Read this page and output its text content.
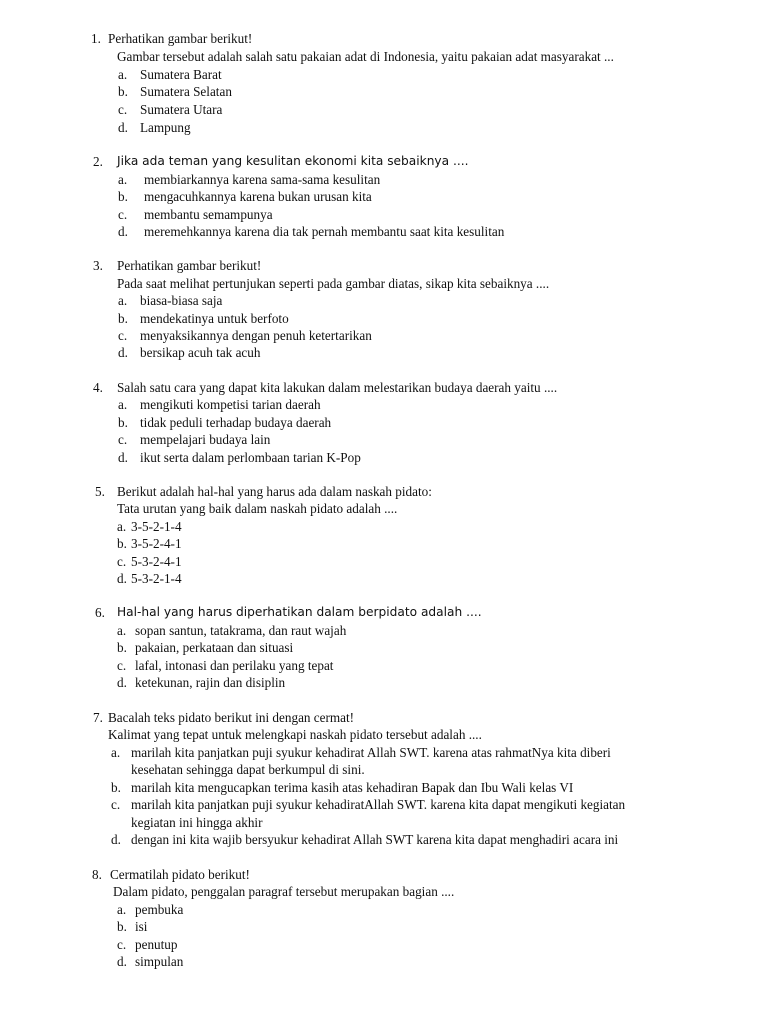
1. Perhatikan gambar berikut!
Gambar tersebut adalah salah satu pakaian adat di Indonesia, yaitu pakaian adat masyarakat ...
a. Sumatera Barat
b. Sumatera Selatan
c. Sumatera Utara
d. Lampung
2. Jika ada teman yang kesulitan ekonomi kita sebaiknya ....
a. membiarkannya karena sama-sama kesulitan
b. mengacuhkannya karena bukan urusan kita
c. membantu semampunya
d. meremehkannya karena dia tak pernah membantu saat kita kesulitan
3. Perhatikan gambar berikut!
Pada saat melihat pertunjukan seperti pada gambar diatas, sikap kita sebaiknya ....
a. biasa-biasa saja
b. mendekatinya untuk berfoto
c. menyaksikannya dengan penuh ketertarikan
d. bersikap acuh tak acuh
4. Salah satu cara yang dapat kita lakukan dalam melestarikan budaya daerah yaitu ....
a. mengikuti kompetisi tarian daerah
b. tidak peduli terhadap budaya daerah
c. mempelajari budaya lain
d. ikut serta dalam perlombaan tarian K-Pop
5. Berikut adalah hal-hal yang harus ada dalam naskah pidato:
Tata urutan yang baik dalam naskah pidato adalah ....
a. 3-5-2-1-4
b. 3-5-2-4-1
c. 5-3-2-4-1
d. 5-3-2-1-4
6. Hal-hal yang harus diperhatikan dalam berpidato adalah ....
a. sopan santun, tatakrama, dan raut wajah
b. pakaian, perkataan dan situasi
c. lafal, intonasi dan perilaku yang tepat
d. ketekunan, rajin dan disiplin
7. Bacalah teks pidato berikut ini dengan cermat!
Kalimat yang tepat untuk melengkapi naskah pidato tersebut adalah ....
a. marilah kita panjatkan puji syukur kehadirat Allah SWT. karena atas rahmatNya kita diberi
kesehatan sehingga dapat berkumpul di sini.
b. marilah kita mengucapkan terima kasih atas kehadiran Bapak dan Ibu Wali kelas VI
c. marilah kita panjatkan puji syukur kehadiratAllah SWT. karena kita dapat mengikuti kegiatan
kegiatan ini hingga akhir
d. dengan ini kita wajib bersyukur kehadirat Allah SWT karena kita dapat menghadiri acara ini
8. Cermatilah pidato berikut!
Dalam pidato, penggalan paragraf tersebut merupakan bagian ....
a. pembuka
b. isi
c. penutup
d. simpulan
